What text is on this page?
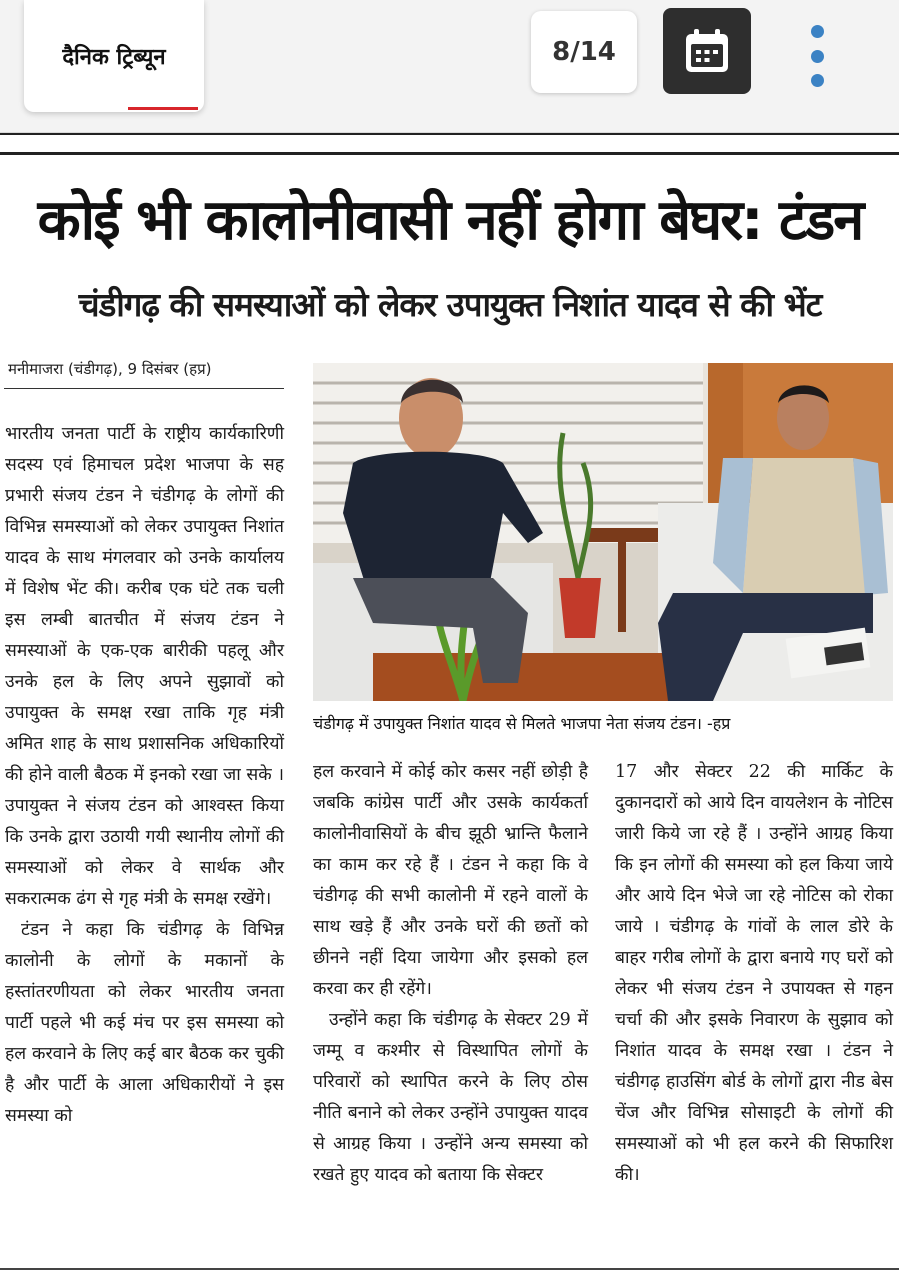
दैनिक ट्रिब्यून	8/14
कोई भी कालोनीवासी नहीं होगा बेघर: टंडन
चंडीगढ़ की समस्याओं को लेकर उपायुक्त निशांत यादव से की भेंट
मनीमाजरा (चंडीगढ़), 9 दिसंबर (हप्र)

भारतीय जनता पार्टी के राष्ट्रीय कार्यकारिणी सदस्य एवं हिमाचल प्रदेश भाजपा के सह प्रभारी संजय टंडन ने चंडीगढ़ के लोगों की विभिन्न समस्याओं को लेकर उपायुक्त निशांत यादव के साथ मंगलवार को उनके कार्यालय में विशेष भेंट की। करीब एक घंटे तक चली इस लम्बी बातचीत में संजय टंडन ने समस्याओं के एक-एक बारीकी पहलू और उनके हल के लिए अपने सुझावों को उपायुक्त के समक्ष रखा ताकि गृह मंत्री अमित शाह के साथ प्रशासनिक अधिकारियों की होने वाली बैठक में इनको रखा जा सके ।उपायुक्त ने संजय टंडन को आश्वस्त किया कि उनके द्वारा उठायी गयी स्थानीय लोगों की समस्याओं को लेकर वे सार्थक और सकरात्मक ढंग से गृह मंत्री के समक्ष रखेंगे।

टंडन ने कहा कि चंडीगढ़ के विभिन्न कालोनी के लोगों के मकानों के हस्तांतरणीयता को लेकर भारतीय जनता पार्टी पहले भी कई मंच पर इस समस्या को हल करवाने के लिए कई बार बैठक कर चुकी है और पार्टी के आला अधिकारीयों ने इस समस्या को

चंडीगढ़ में उपायुक्त निशांत यादव से मिलते भाजपा नेता संजय टंडन। -हप्र

हल करवाने में कोई कोर कसर नहीं छोड़ी है जबकि कांग्रेस पार्टी और उसके कार्यकर्ता कालोनीवासियों के बीच झूठी भ्रान्ति फैलाने का काम कर रहे हैं । टंडन ने कहा कि वे चंडीगढ़ की सभी कालोनी में रहने वालों के साथ खड़े हैं और उनके घरों की छतों को छीनने नहीं दिया जायेगा और इसको हल करवा कर ही रहेंगे।

उन्होंने कहा कि चंडीगढ़ के सेक्टर 29 में जम्मू व कश्मीर से विस्थापित लोगों के परिवारों को स्थापित करने के लिए ठोस नीति बनाने को लेकर उन्होंने उपायुक्त यादव से आग्रह किया । उन्होंने अन्य समस्या को रखते हुए यादव को बताया कि सेक्टर

17 और सेक्टर 22 की मार्किट के दुकानदारों को आये दिन वायलेशन के नोटिस जारी किये जा रहे हैं । उन्होंने आग्रह किया कि इन लोगों की समस्या को हल किया जाये और आये दिन भेजे जा रहे नोटिस को रोका जाये । चंडीगढ़ के गांवों के लाल डोरे के बाहर गरीब लोगों के द्वारा बनाये गए घरों को लेकर भी संजय टंडन ने उपायक्त से गहन चर्चा की और इसके निवारण के सुझाव को निशांत यादव के समक्ष रखा । टंडन ने चंडीगढ़ हाउसिंग बोर्ड के लोगों द्वारा नीड बेस चेंज और विभिन्न सोसाइटी के लोगों की समस्याओं को भी हल करने की सिफारिश की।
